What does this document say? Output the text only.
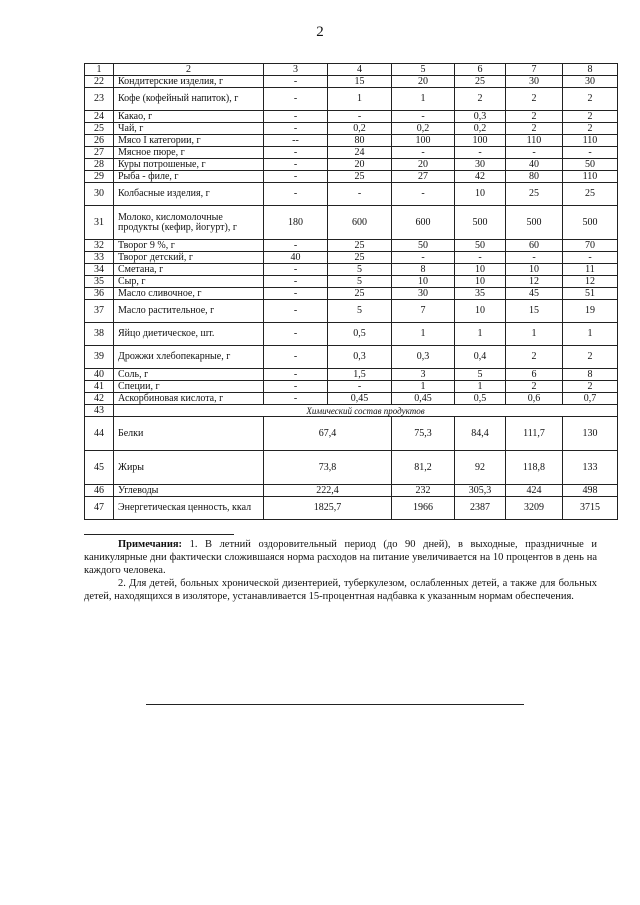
2
1	2	3	4	5	6	7	8
22	Кондитерские изделия, г	-	15	20	25	30	30
23	Кофе (кофейный напиток), г	-	1	1	2	2	2
24	Какао, г	-	-	-	0,3	2	2
25	Чай, г	-	0,2	0,2	0,2	2	2
26	Мясо I категории, г	--	80	100	100	110	110
27	Мясное пюре, г	-	24	-	-	-	-
28	Куры потрошеные, г	-	20	20	30	40	50
29	Рыба - филе, г	-	25	27	42	80	110
30	Колбасные изделия, г	-	-	-	10	25	25
31	Молоко, кисломолочные продукты (кефир, йогурт), г	180	600	600	500	500	500
32	Творог 9 %, г	-	25	50	50	60	70
33	Творог детский, г	40	25	-	-	-	-
34	Сметана, г	-	5	8	10	10	11
35	Сыр, г	-	5	10	10	12	12
36	Масло сливочное, г	-	25	30	35	45	51
37	Масло растительное, г	-	5	7	10	15	19
38	Яйцо диетическое, шт.	-	0,5	1	1	1	1
39	Дрожжи хлебопекарные, г	-	0,3	0,3	0,4	2	2
40	Соль, г	-	1,5	3	5	6	8
41	Специи, г	-	-	1	1	2	2
42	Аскорбиновая кислота, г	-	0,45	0,45	0,5	0,6	0,7
43	Химический состав продуктов						
44	Белки	67,4		75,3	84,4	111,7	130
45	Жиры	73,8		81,2	92	118,8	133
46	Углеводы	222,4		232	305,3	424	498
47	Энергетическая ценность, ккал	1825,7		1966	2387	3209	3715

Примечания: 1. В летний оздоровительный период (до 90 дней), в выходные, праздничные и каникулярные дни фактически сложившаяся норма расходов на питание увеличивается на 10 процентов в день на каждого человека.

2. Для детей, больных хронической дизентерией, туберкулезом, ослабленных детей, а также для больных детей, находящихся в изоляторе, устанавливается 15-процентная надбавка к указанным нормам обеспечения.
